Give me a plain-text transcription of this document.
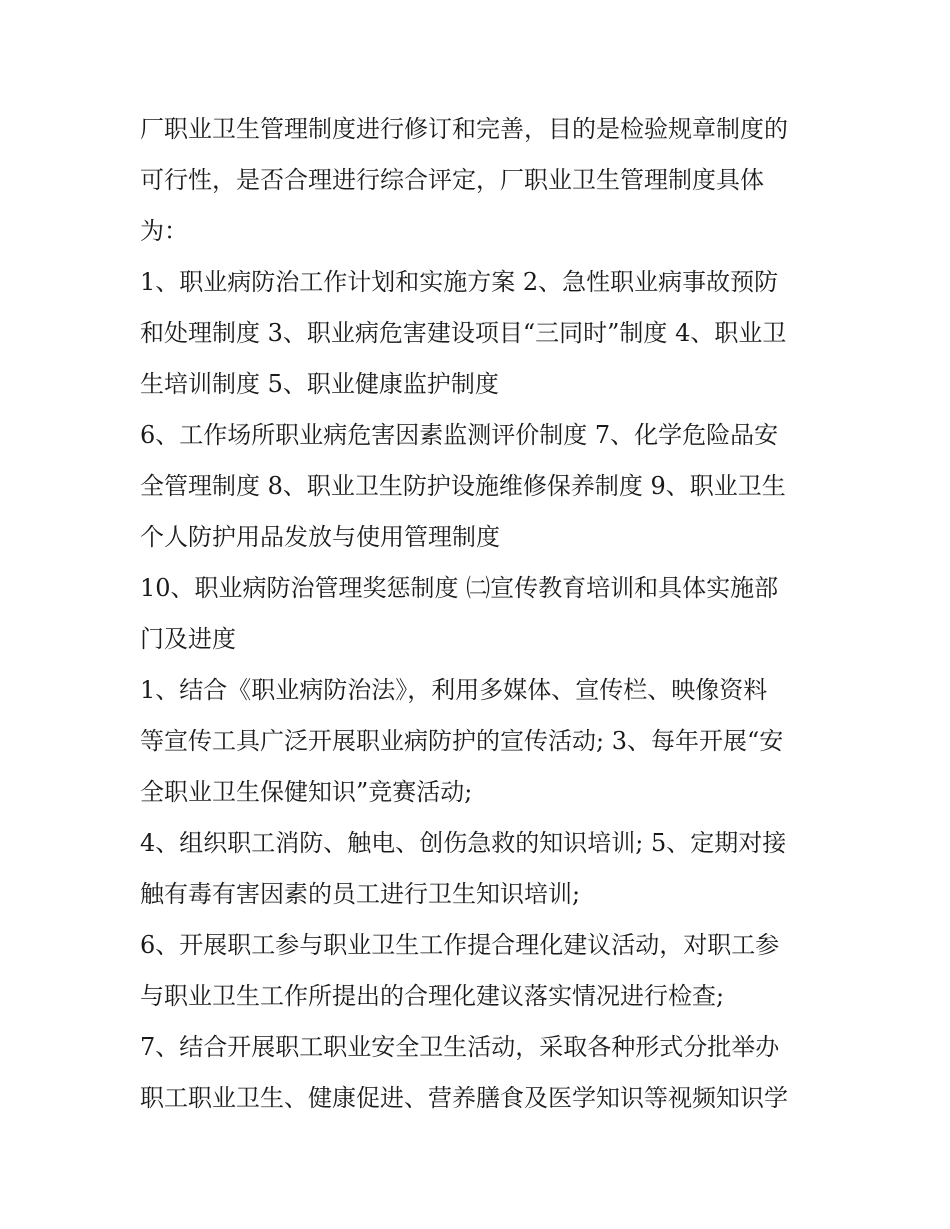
厂职业卫生管理制度进行修订和完善，目的是检验规章制度的
可行性，是否合理进行综合评定，厂职业卫生管理制度具体
为：

1、职业病防治工作计划和实施方案 2、急性职业病事故预防
和处理制度 3、职业病危害建设项目“三同时”制度 4、职业卫
生培训制度 5、职业健康监护制度

6、工作场所职业病危害因素监测评价制度 7、化学危险品安
全管理制度 8、职业卫生防护设施维修保养制度 9、职业卫生
个人防护用品发放与使用管理制度

10、职业病防治管理奖惩制度 ㈡宣传教育培训和具体实施部
门及进度

1、结合《职业病防治法》，利用多媒体、宣传栏、映像资料
等宣传工具广泛开展职业病防护的宣传活动; 3、每年开展“安
全职业卫生保健知识”竞赛活动;

4、组织职工消防、触电、创伤急救的知识培训; 5、定期对接
触有毒有害因素的员工进行卫生知识培训;

6、开展职工参与职业卫生工作提合理化建议活动，对职工参
与职业卫生工作所提出的合理化建议落实情况进行检查;

7、结合开展职工职业安全卫生活动，采取各种形式分批举办
职工职业卫生、健康促进、营养膳食及医学知识等视频知识学
